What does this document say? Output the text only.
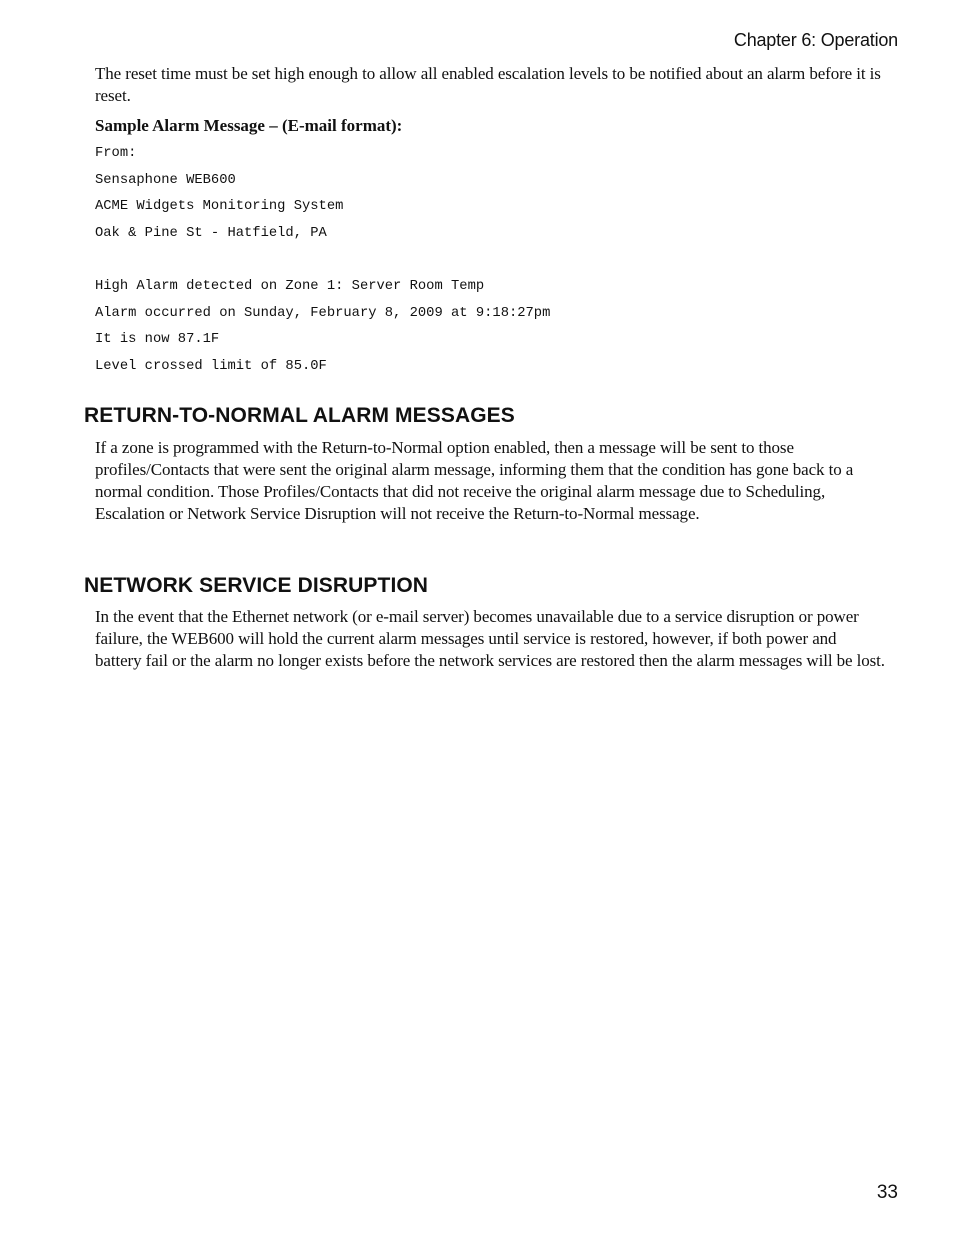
Chapter 6: Operation

The reset time must be set high enough to allow all enabled escalation levels to be notified about an alarm before it is reset.

Sample Alarm Message – (E-mail format):

From:
Sensaphone WEB600
ACME Widgets Monitoring System
Oak & Pine St - Hatfield, PA
High Alarm detected on Zone 1: Server Room Temp
Alarm occurred on Sunday, February 8, 2009 at 9:18:27pm
It is now 87.1F
Level crossed limit of 85.0F
RETURN-TO-NORMAL ALARM MESSAGES

If a zone is programmed with the Return-to-Normal option enabled, then a message will be sent to those profiles/Contacts that were sent the original alarm message, informing them that the condition has gone back to a normal condition. Those Profiles/Contacts that did not receive the original alarm message due to Scheduling, Escalation or Network Service Disruption will not receive the Return-to-Normal message.

NETWORK SERVICE DISRUPTION

In the event that the Ethernet network (or e-mail server) becomes unavailable due to a service disruption or power failure, the WEB600 will hold the current alarm messages until service is restored, however, if both power and battery fail or the alarm no longer exists before the network services are restored then the alarm messages will be lost.

33
